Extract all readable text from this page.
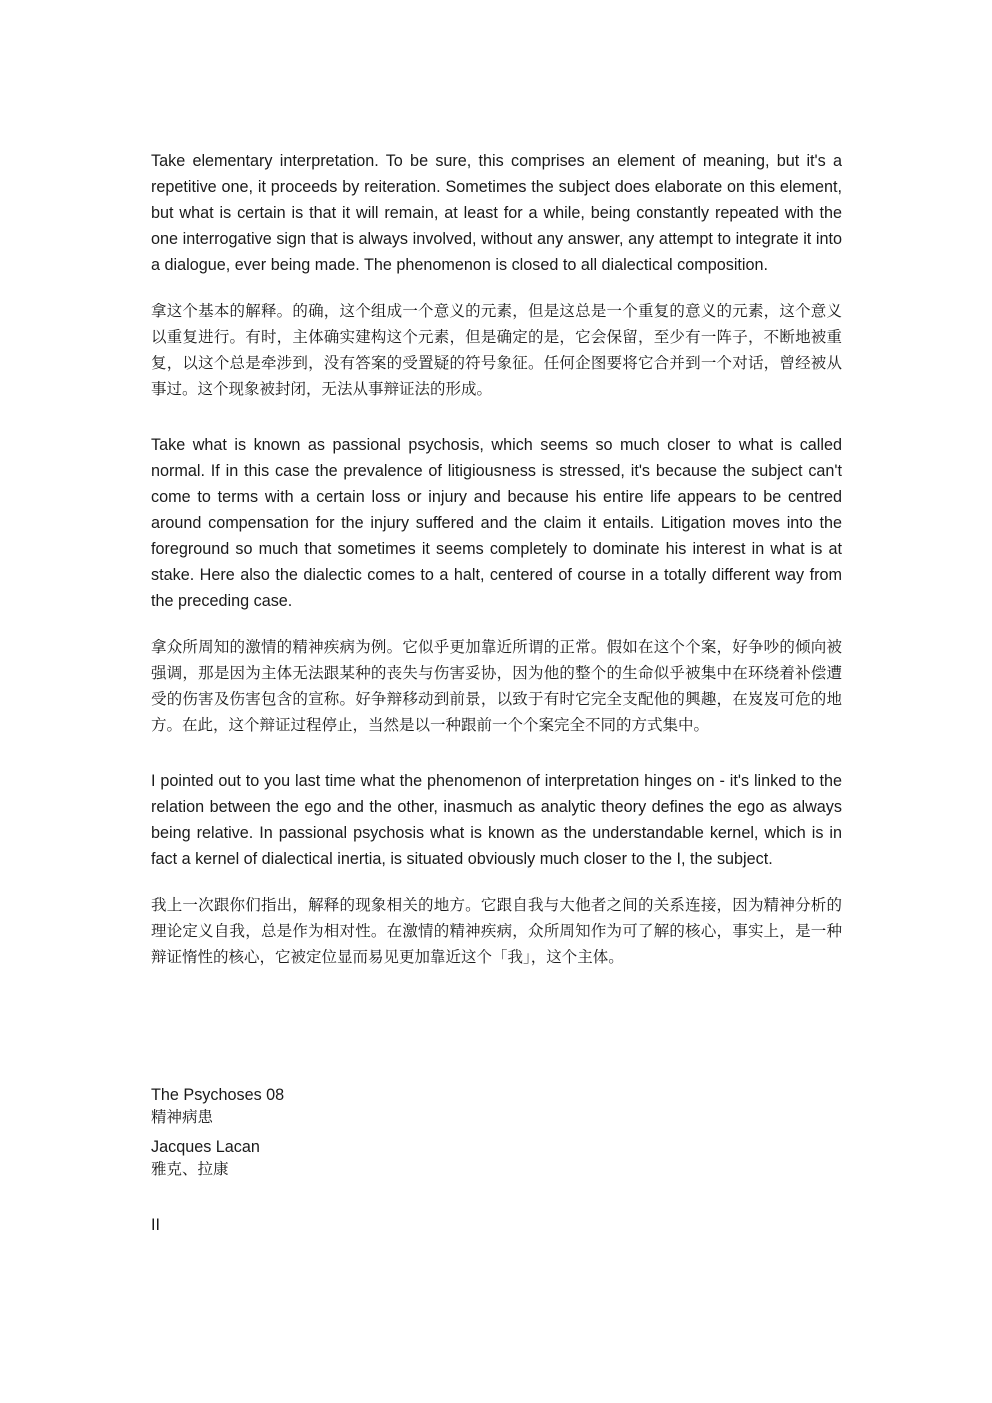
Take elementary interpretation. To be sure, this comprises an element of meaning, but it's a repetitive one, it proceeds by reiteration. Sometimes the subject does elaborate on this element, but what is certain is that it will remain, at least for a while, being constantly repeated with the one interrogative sign that is always involved, without any answer, any attempt to integrate it into a dialogue, ever being made. The phenomenon is closed to all dialectical composition.

拿这个基本的解释。的确，这个组成一个意义的元素，但是这总是一个重复的意义的元素，这个意义以重复进行。有时，主体确实建构这个元素，但是确定的是，它会保留，至少有一阵子，不断地被重复，以这个总是牵涉到，没有答案的受置疑的符号象征。任何企图要将它合并到一个对话，曾经被从事过。这个现象被封闭，无法从事辩证法的形成。

Take what is known as passional psychosis, which seems so much closer to what is called normal. If in this case the prevalence of litigiousness is stressed, it's because the subject can't come to terms with a certain loss or injury and because his entire life appears to be centred around compensation for the injury suffered and the claim it entails. Litigation moves into the foreground so much that sometimes it seems completely to dominate his interest in what is at stake. Here also the dialectic comes to a halt, centered of course in a totally different way from the preceding case.

拿众所周知的激情的精神疾病为例。它似乎更加靠近所谓的正常。假如在这个个案，好争吵的倾向被强调，那是因为主体无法跟某种的丧失与伤害妥协，因为他的整个的生命似乎被集中在环绕着补偿遭受的伤害及伤害包含的宣称。好争辩移动到前景，以致于有时它完全支配他的興趣，在岌岌可危的地方。在此，这个辩证过程停止，当然是以一种跟前一个个案完全不同的方式集中。

I pointed out to you last time what the phenomenon of interpretation hinges on - it's linked to the relation between the ego and the other, inasmuch as analytic theory defines the ego as always being relative. In passional psychosis what is known as the understandable kernel, which is in fact a kernel of dialectical inertia, is situated obviously much closer to the I, the subject.

我上一次跟你们指出，解释的现象相关的地方。它跟自我与大他者之间的关系连接，因为精神分析的理论定义自我，总是作为相对性。在激情的精神疾病，众所周知作为可了解的核心，事实上，是一种辩证惰性的核心，它被定位显而易见更加靠近这个「我」，这个主体。

The Psychoses 08
精神病患
Jacques Lacan
雅克、拉康
II
